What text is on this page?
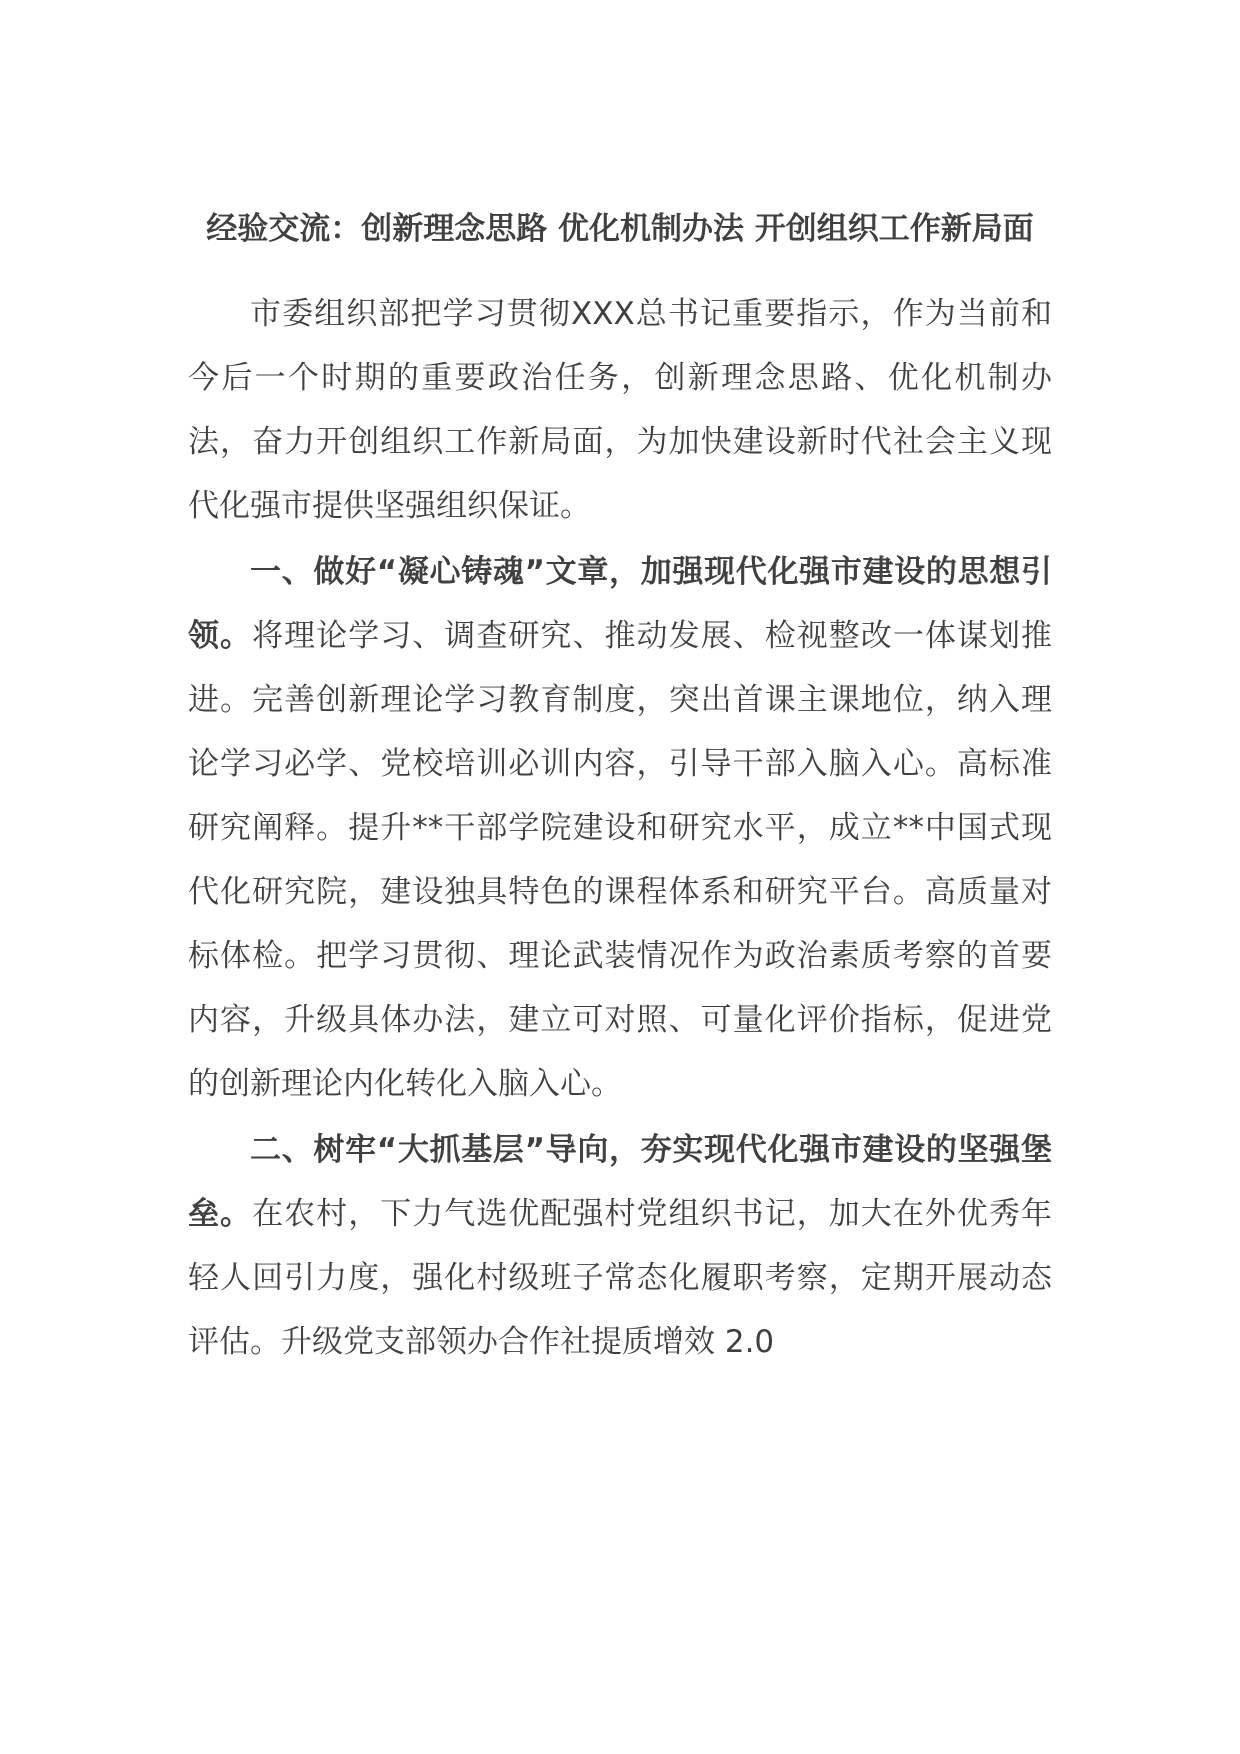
经验交流：创新理念思路 优化机制办法 开创组织工作新局面

市委组织部把学习贯彻XXX总书记重要指示，作为当前和今后一个时期的重要政治任务，创新理念思路、优化机制办法，奋力开创组织工作新局面，为加快建设新时代社会主义现代化强市提供坚强组织保证。

一、做好“凝心铸魂”文章，加强现代化强市建设的思想引领。将理论学习、调查研究、推动发展、检视整改一体谋划推进。完善创新理论学习教育制度，突出首课主课地位，纳入理论学习必学、党校培训必训内容，引导干部入脑入心。高标准研究阐释。提升**干部学院建设和研究水平，成立**中国式现代化研究院，建设独具特色的课程体系和研究平台。高质量对标体检。把学习贯彻、理论武装情况作为政治素质考察的首要内容，升级具体办法，建立可对照、可量化评价指标，促进党的创新理论内化转化入脑入心。

二、树牢“大抓基层”导向，夯实现代化强市建设的坚强堡垒。在农村，下力气选优配强村党组织书记，加大在外优秀年轻人回引力度，强化村级班子常态化履职考察，定期开展动态评估。升级党支部领办合作社提质增效 2.0
